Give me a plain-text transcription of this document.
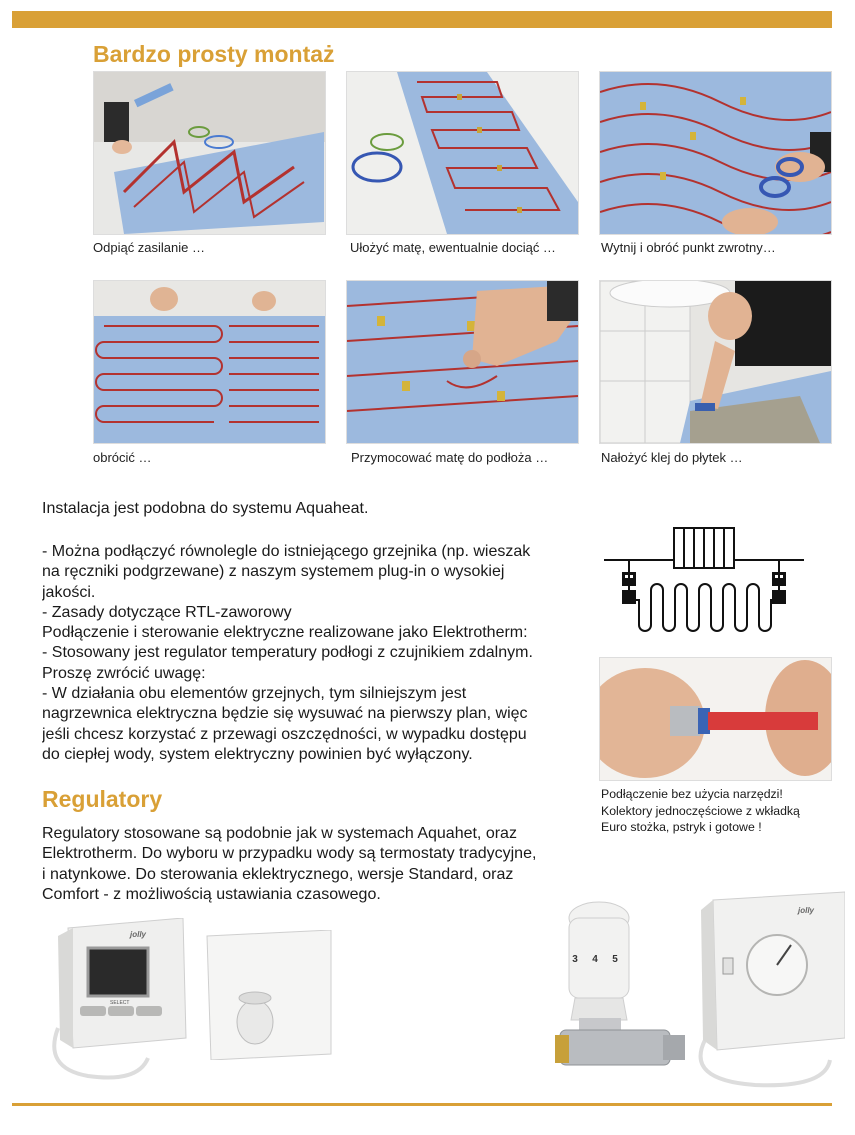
Bardzo prosty montaż
Odpiąć zasilanie …	Ułożyć matę, ewentualnie dociąć …	Wytnij i obróć punkt zwrotny…
obrócić …	Przymocować matę do podłoża …	Nałożyć klej do płytek …

Instalacja jest podobna do systemu Aquaheat.

- Można podłączyć równolegle do istniejącego grzejnika (np. wieszak
na ręczniki podgrzewane) z naszym systemem plug-in o wysokiej
jakości.
- Zasady dotyczące RTL-zaworowy
Podłączenie i sterowanie elektryczne realizowane jako Elektrotherm:
- Stosowany jest regulator temperatury podłogi z czujnikiem zdalnym.
Proszę zwrócić uwagę:
- W działania obu elementów grzejnych, tym silniejszym jest
nagrzewnica elektryczna będzie się wysuwać na pierwszy plan, więc
jeśli chcesz korzystać z przewagi oszczędności, w wypadku dostępu
do ciepłej wody, system elektryczny powinien być wyłączony.
Podłączenie bez użycia narzędzi!
Kolektory jednoczęściowe z wkładką
Euro stożka, pstryk i gotowe !
Regulatory
Regulatory stosowane są podobnie jak w systemach Aquahet, oraz
Elektrotherm. Do wyboru w przypadku wody są termostaty tradycyjne,
i natynkowe. Do sterowania eklektrycznego, wersje Standard, oraz
Comfort - z możliwością ustawiania czasowego.
jolly
SELECT
3 4 5
jolly
